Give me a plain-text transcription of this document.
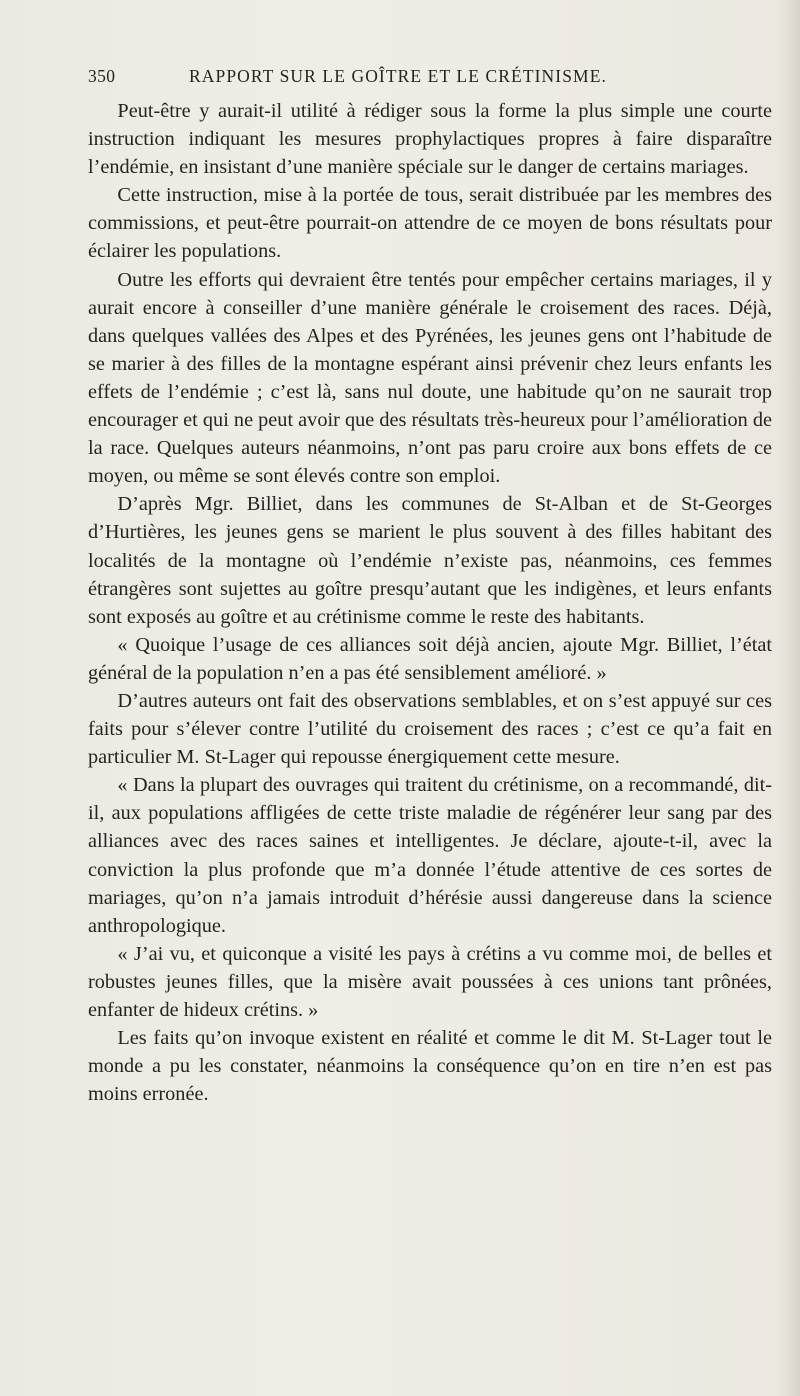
350	RAPPORT SUR LE GOÎTRE ET LE CRÉTINISME.

Peut-être y aurait-il utilité à rédiger sous la forme la plus simple une courte instruction indiquant les mesures prophylactiques propres à faire disparaître l’endémie, en insistant d’une manière spéciale sur le danger de certains mariages.

Cette instruction, mise à la portée de tous, serait distribuée par les membres des commissions, et peut-être pourrait-on attendre de ce moyen de bons résultats pour éclairer les populations.

Outre les efforts qui devraient être tentés pour empêcher certains mariages, il y aurait encore à conseiller d’une manière générale le croisement des races. Déjà, dans quelques vallées des Alpes et des Pyrénées, les jeunes gens ont l’habitude de se marier à des filles de la montagne espérant ainsi prévenir chez leurs enfants les effets de l’endémie ; c’est là, sans nul doute, une habitude qu’on ne saurait trop encourager et qui ne peut avoir que des résultats très-heureux pour l’amélioration de la race. Quelques auteurs néanmoins, n’ont pas paru croire aux bons effets de ce moyen, ou même se sont élevés contre son emploi.

D’après Mgr. Billiet, dans les communes de St-Alban et de St-Georges d’Hurtières, les jeunes gens se marient le plus souvent à des filles habitant des localités de la montagne où l’endémie n’existe pas, néanmoins, ces femmes étrangères sont sujettes au goître presqu’autant que les indigènes, et leurs enfants sont exposés au goître et au crétinisme comme le reste des habitants.

« Quoique l’usage de ces alliances soit déjà ancien, ajoute Mgr. Billiet, l’état général de la population n’en a pas été sensiblement amélioré. »

D’autres auteurs ont fait des observations semblables, et on s’est appuyé sur ces faits pour s’élever contre l’utilité du croisement des races ; c’est ce qu’a fait en particulier M. St-Lager qui repousse énergiquement cette mesure.

« Dans la plupart des ouvrages qui traitent du crétinisme, on a recommandé, dit-il, aux populations affligées de cette triste maladie de régénérer leur sang par des alliances avec des races saines et intelligentes. Je déclare, ajoute-t-il, avec la conviction la plus profonde que m’a donnée l’étude attentive de ces sortes de mariages, qu’on n’a jamais introduit d’hérésie aussi dangereuse dans la science anthropologique.

« J’ai vu, et quiconque a visité les pays à crétins a vu comme moi, de belles et robustes jeunes filles, que la misère avait poussées à ces unions tant prônées, enfanter de hideux crétins. »

Les faits qu’on invoque existent en réalité et comme le dit M. St-Lager tout le monde a pu les constater, néanmoins la conséquence qu’on en tire n’en est pas moins erronée.
